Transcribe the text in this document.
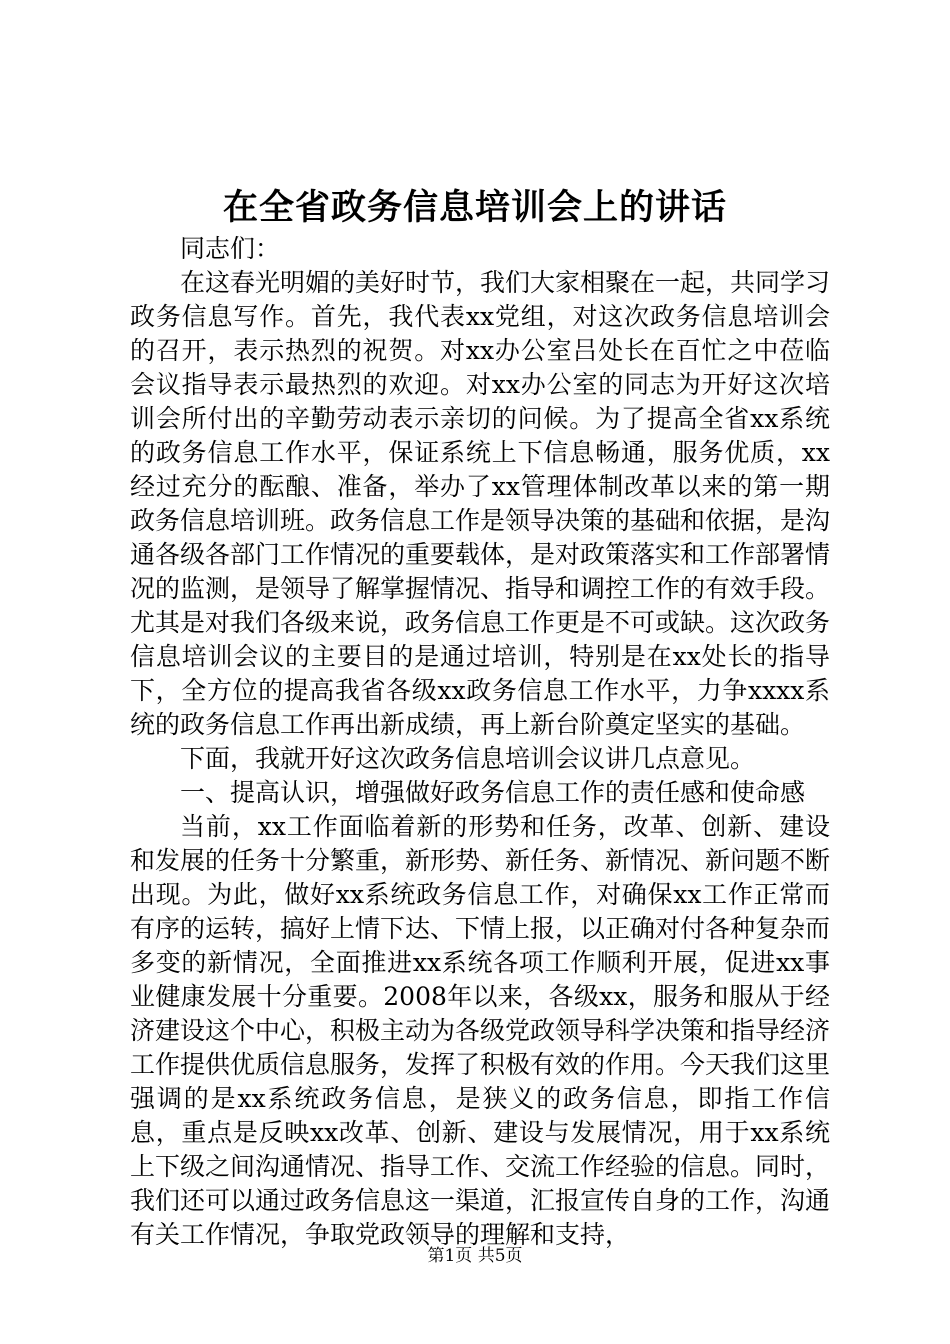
在全省政务信息培训会上的讲话

同志们：

在这春光明媚的美好时节，我们大家相聚在一起，共同学习政务信息写作。首先，我代表xx党组，对这次政务信息培训会的召开，表示热烈的祝贺。对xx办公室吕处长在百忙之中莅临会议指导表示最热烈的欢迎。对xx办公室的同志为开好这次培训会所付出的辛勤劳动表示亲切的问候。为了提高全省xx系统的政务信息工作水平，保证系统上下信息畅通，服务优质，xx经过充分的酝酿、准备，举办了xx管理体制改革以来的第一期政务信息培训班。政务信息工作是领导决策的基础和依据，是沟通各级各部门工作情况的重要载体，是对政策落实和工作部署情况的监测，是领导了解掌握情况、指导和调控工作的有效手段。尤其是对我们各级来说，政务信息工作更是不可或缺。这次政务信息培训会议的主要目的是通过培训，特别是在xx处长的指导下，全方位的提高我省各级xx政务信息工作水平，力争xxxx系统的政务信息工作再出新成绩，再上新台阶奠定坚实的基础。

下面，我就开好这次政务信息培训会议讲几点意见。

一、提高认识，增强做好政务信息工作的责任感和使命感

当前，xx工作面临着新的形势和任务，改革、创新、建设和发展的任务十分繁重，新形势、新任务、新情况、新问题不断出现。为此，做好xx系统政务信息工作，对确保xx工作正常而有序的运转，搞好上情下达、下情上报，以正确对付各种复杂而多变的新情况，全面推进xx系统各项工作顺利开展，促进xx事业健康发展十分重要。2008年以来，各级xx，服务和服从于经济建设这个中心，积极主动为各级党政领导科学决策和指导经济工作提供优质信息服务，发挥了积极有效的作用。今天我们这里强调的是xx系统政务信息，是狭义的政务信息，即指工作信息，重点是反映xx改革、创新、建设与发展情况，用于xx系统上下级之间沟通情况、指导工作、交流工作经验的信息。同时，我们还可以通过政务信息这一渠道，汇报宣传自身的工作，沟通有关工作情况，争取党政领导的理解和支持，

第1页 共5页
